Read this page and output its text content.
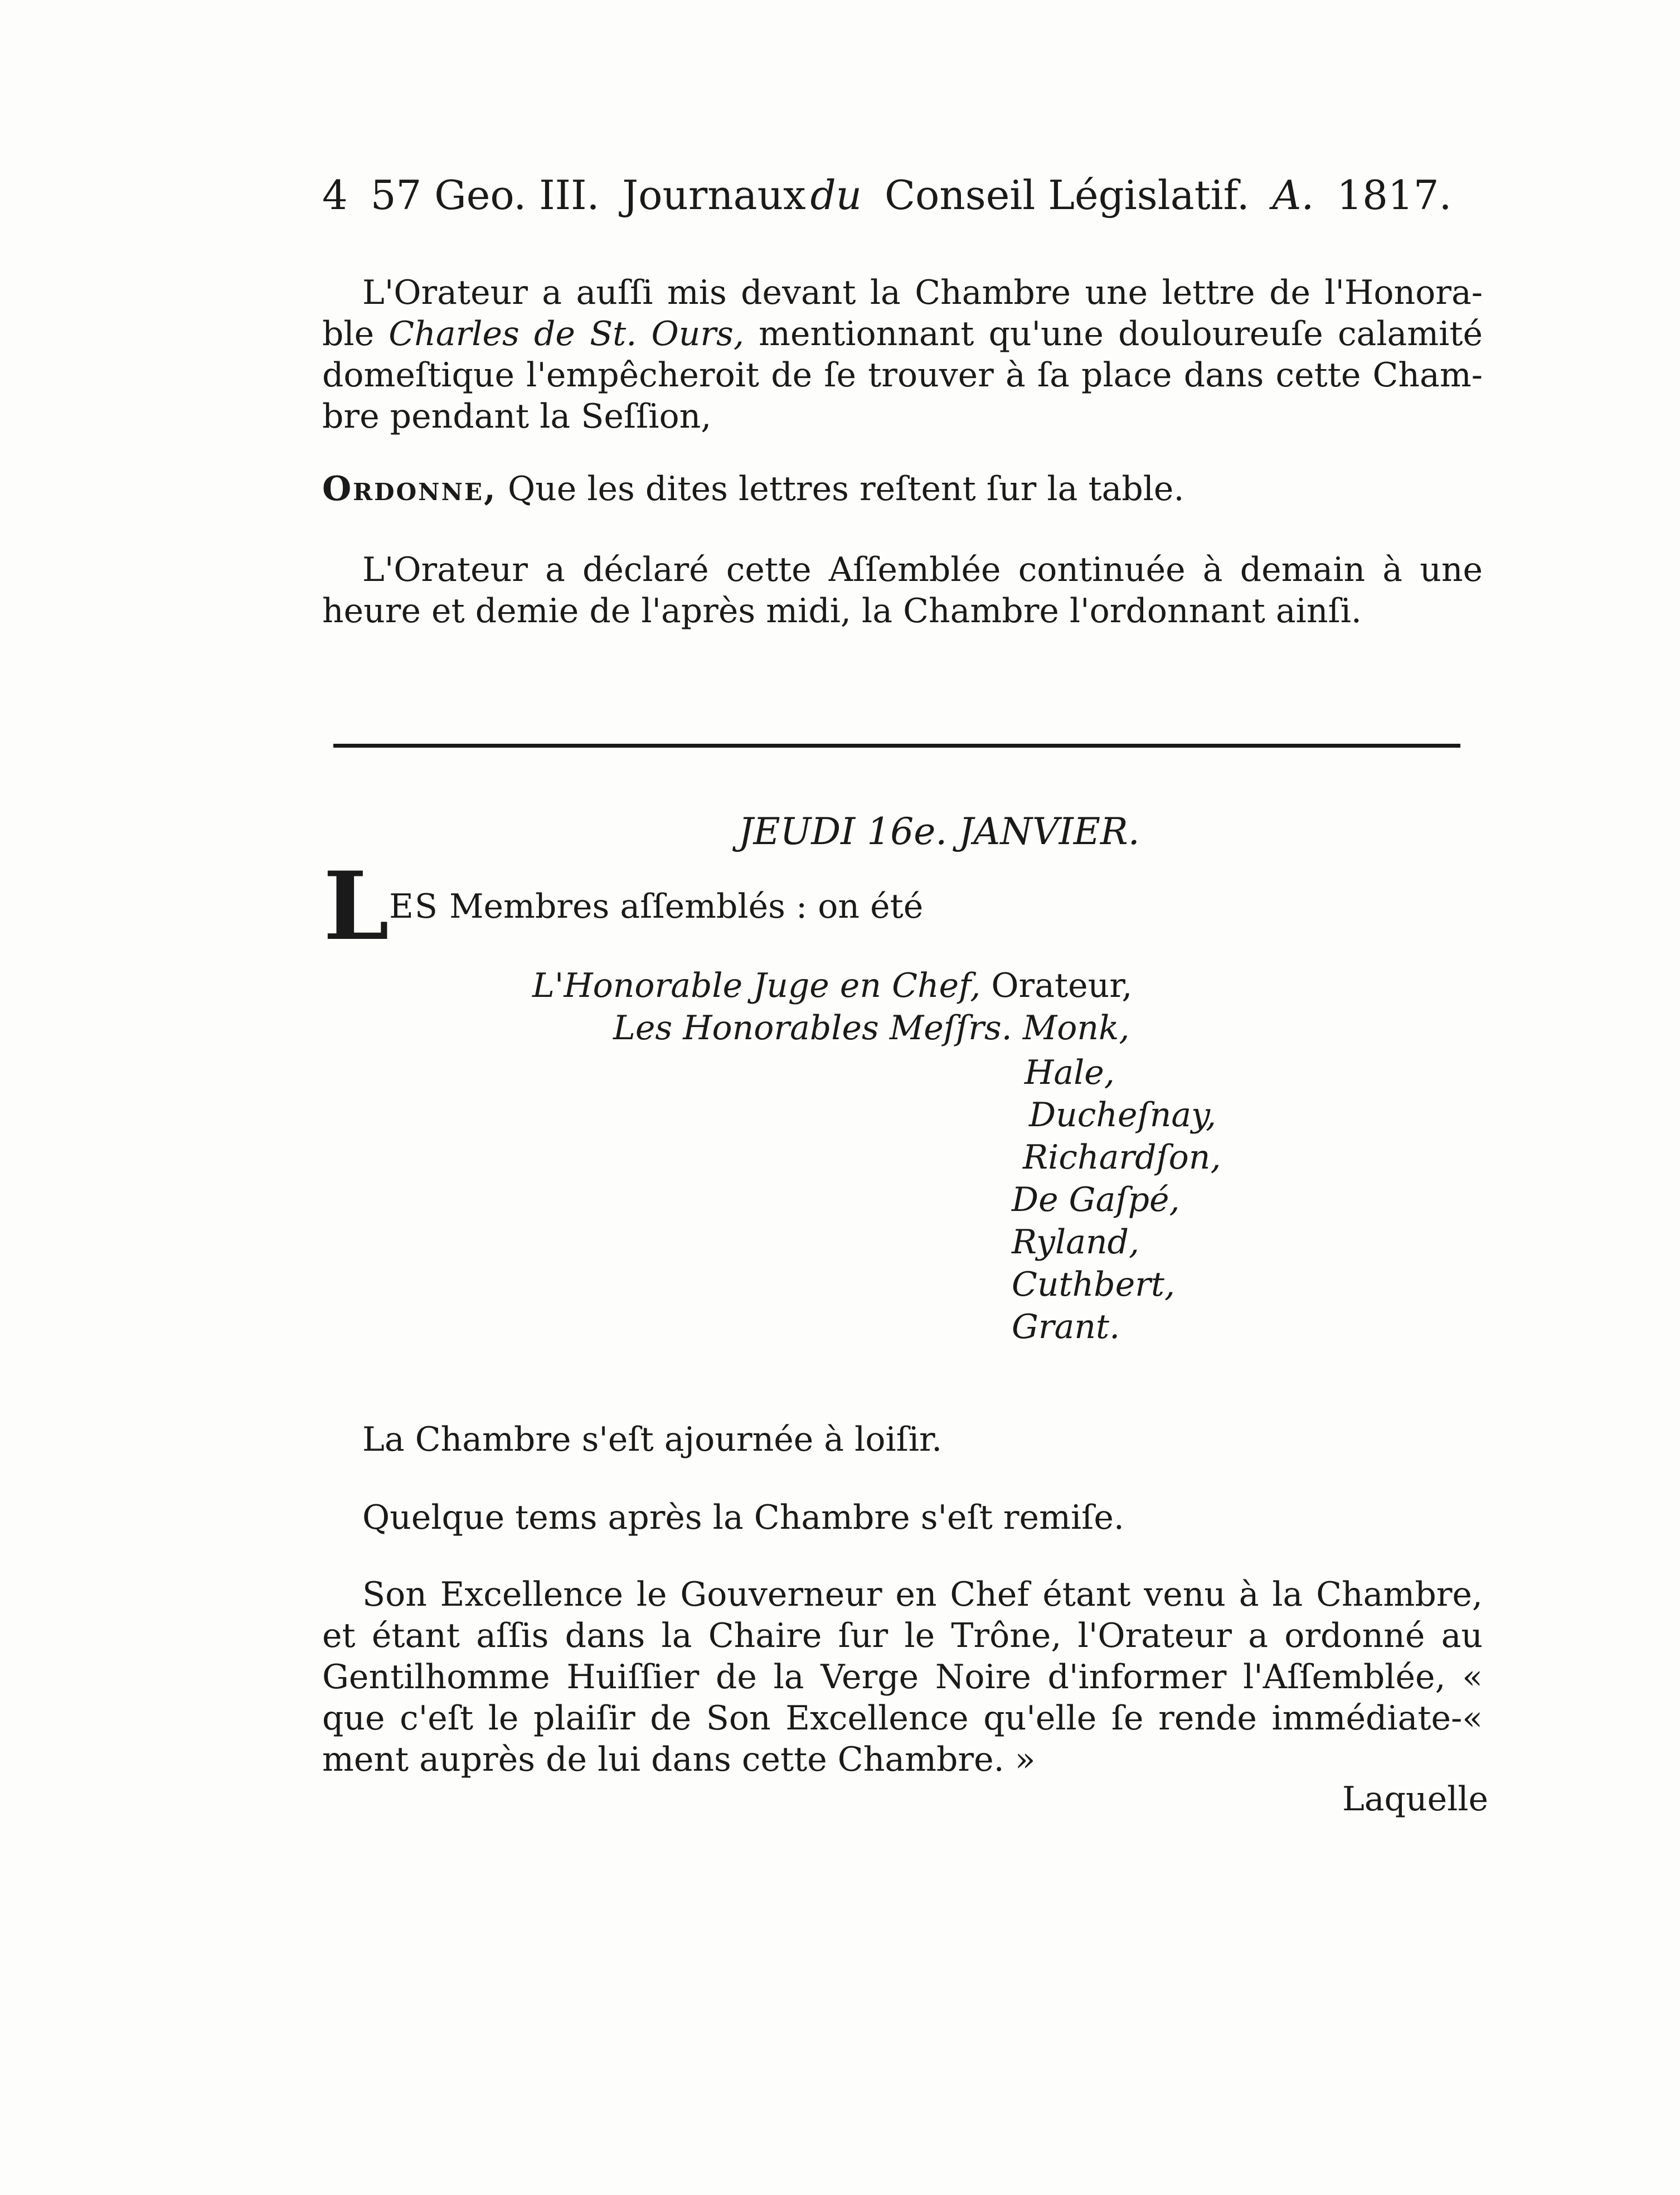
4 57 Geo. III. Journaux du Conseil Législatif. A. 1817.
L'Orateur a auſſi mis devant la Chambre une lettre de l'Honora-ble Charles de St. Ours, mentionnant qu'une douloureuſe calamité domeſtique l'empêcheroit de ſe trouver à ſa place dans cette Cham-bre pendant la Seſſion,
Ordonne, Que les dites lettres reſtent ſur la table.
L'Orateur a déclaré cette Aſſemblée continuée à demain à une heure et demie de l'après midi, la Chambre l'ordonnant ainſi.
JEUDI 16e. JANVIER.
LES Membres aſſemblés : on été
L'Honorable Juge en Chef, Orateur,
Les Honorables Meſſrs. Monk,
Hale,
Ducheſnay,
Richardſon,
De Gaſpé,
Ryland,
Cuthbert,
Grant.
La Chambre s'eſt ajournée à loiſir.
Quelque tems après la Chambre s'eſt remiſe.
Son Excellence le Gouverneur en Chef étant venu à la Chambre, et étant aſſis dans la Chaire ſur le Trône, l'Orateur a ordonné au Gentilhomme Huiſſier de la Verge Noire d'informer l'Aſſemblée, « que c'eſt le plaiſir de Son Excellence qu'elle ſe rende immédiate-« ment auprès de lui dans cette Chambre. »
Laquelle
